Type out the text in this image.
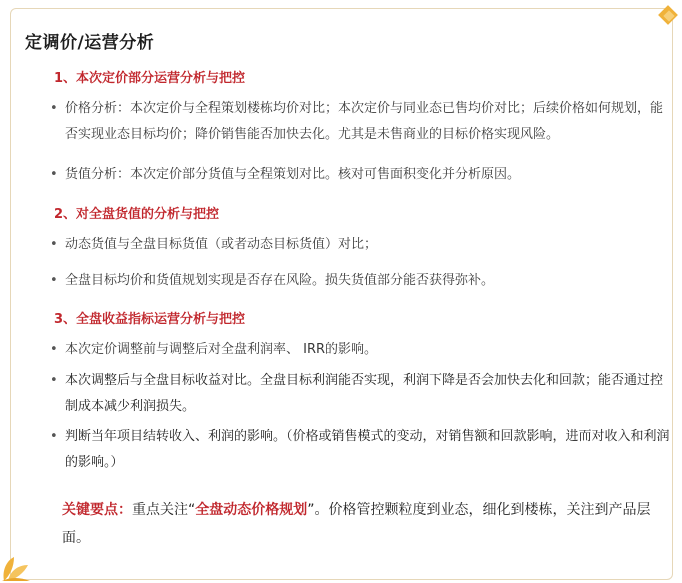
定调价/运营分析
1、本次定价部分运营分析与把控
• 价格分析：本次定价与全程策划楼栋均价对比；本次定价与同业态已售均价对比；后续价格如何规划，能否实现业态目标均价；降价销售能否加快去化。尤其是未售商业的目标价格实现风险。
• 货值分析：本次定价部分货值与全程策划对比。核对可售面积变化并分析原因。
2、对全盘货值的分析与把控
• 动态货值与全盘目标货值（或者动态目标货值）对比；
• 全盘目标均价和货值规划实现是否存在风险。损失货值部分能否获得弥补。
3、全盘收益指标运营分析与把控
• 本次定价调整前与调整后对全盘利润率、 IRR的影响。
• 本次调整后与全盘目标收益对比。全盘目标利润能否实现，利润下降是否会加快去化和回款；能否通过控制成本减少利润损失。
• 判断当年项目结转收入、利润的影响。（价格或销售模式的变动，对销售额和回款影响，进而对收入和利润的影响。）
关键要点：重点关注“全盘动态价格规划”。价格管控颗粒度到业态，细化到楼栋，关注到产品层面。
